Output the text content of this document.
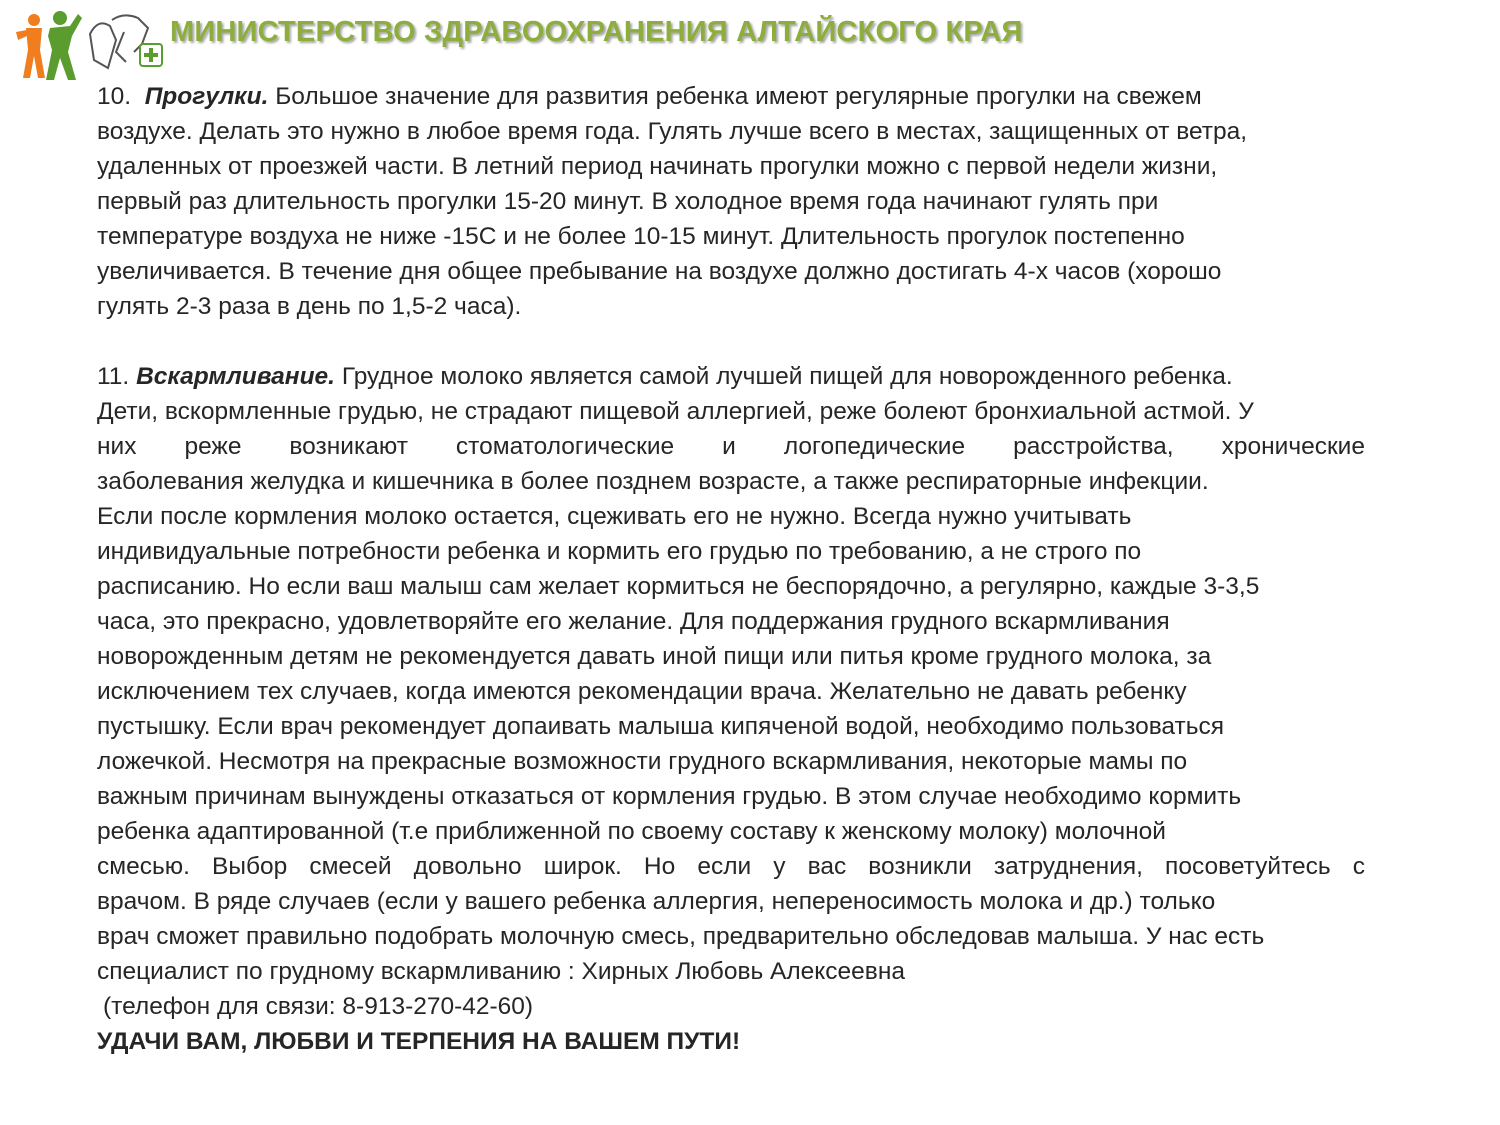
МИНИСТЕРСТВО ЗДРАВООХРАНЕНИЯ АЛТАЙСКОГО КРАЯ
10. Прогулки. Большое значение для развития ребенка имеют регулярные прогулки на свежем
воздухе. Делать это нужно в любое время года. Гулять лучше всего в местах, защищенных от ветра,
удаленных от проезжей части. В летний период начинать прогулки можно с первой недели жизни,
первый раз длительность прогулки 15-20 минут. В холодное время года начинают гулять при
температуре воздуха не ниже -15С и не более 10-15 минут. Длительность прогулок постепенно
увеличивается. В течение дня общее пребывание на воздухе должно достигать 4-х часов (хорошо
гулять 2-3 раза в день по 1,5-2 часа).
11. Вскармливание. Грудное молоко является самой лучшей пищей для новорожденного ребенка.
Дети, вскормленные грудью, не страдают пищевой аллергией, реже болеют бронхиальной астмой. У
них реже возникают стоматологические и логопедические расстройства, хронические
заболевания желудка и кишечника в более позднем возрасте, а также респираторные инфекции.
Если после кормления молоко остается, сцеживать его не нужно. Всегда нужно учитывать
индивидуальные потребности ребенка и кормить его грудью по требованию, а не строго по
расписанию. Но если ваш малыш сам желает кормиться не беспорядочно, а регулярно, каждые 3-3,5
часа, это прекрасно, удовлетворяйте его желание. Для поддержания грудного вскармливания
новорожденным детям не рекомендуется давать иной пищи или питья кроме грудного молока, за
исключением тех случаев, когда имеются рекомендации врача. Желательно не давать ребенку
пустышку. Если врач рекомендует допаивать малыша кипяченой водой, необходимо пользоваться
ложечкой. Несмотря на прекрасные возможности грудного вскармливания, некоторые мамы по
важным причинам вынуждены отказаться от кормления грудью. В этом случае необходимо кормить
ребенка адаптированной (т.е приближенной по своему составу к женскому молоку) молочной
смесью. Выбор смесей довольно широк. Но если у вас возникли затруднения, посоветуйтесь с
врачом. В ряде случаев (если у вашего ребенка аллергия, непереносимость молока и др.) только
врач сможет правильно подобрать молочную смесь, предварительно обследовав малыша. У нас есть
специалист по грудному вскармливанию : Хирных Любовь Алексеевна
(телефон для связи: 8-913-270-42-60)
УДАЧИ ВАМ, ЛЮБВИ И ТЕРПЕНИЯ НА ВАШЕМ ПУТИ!
